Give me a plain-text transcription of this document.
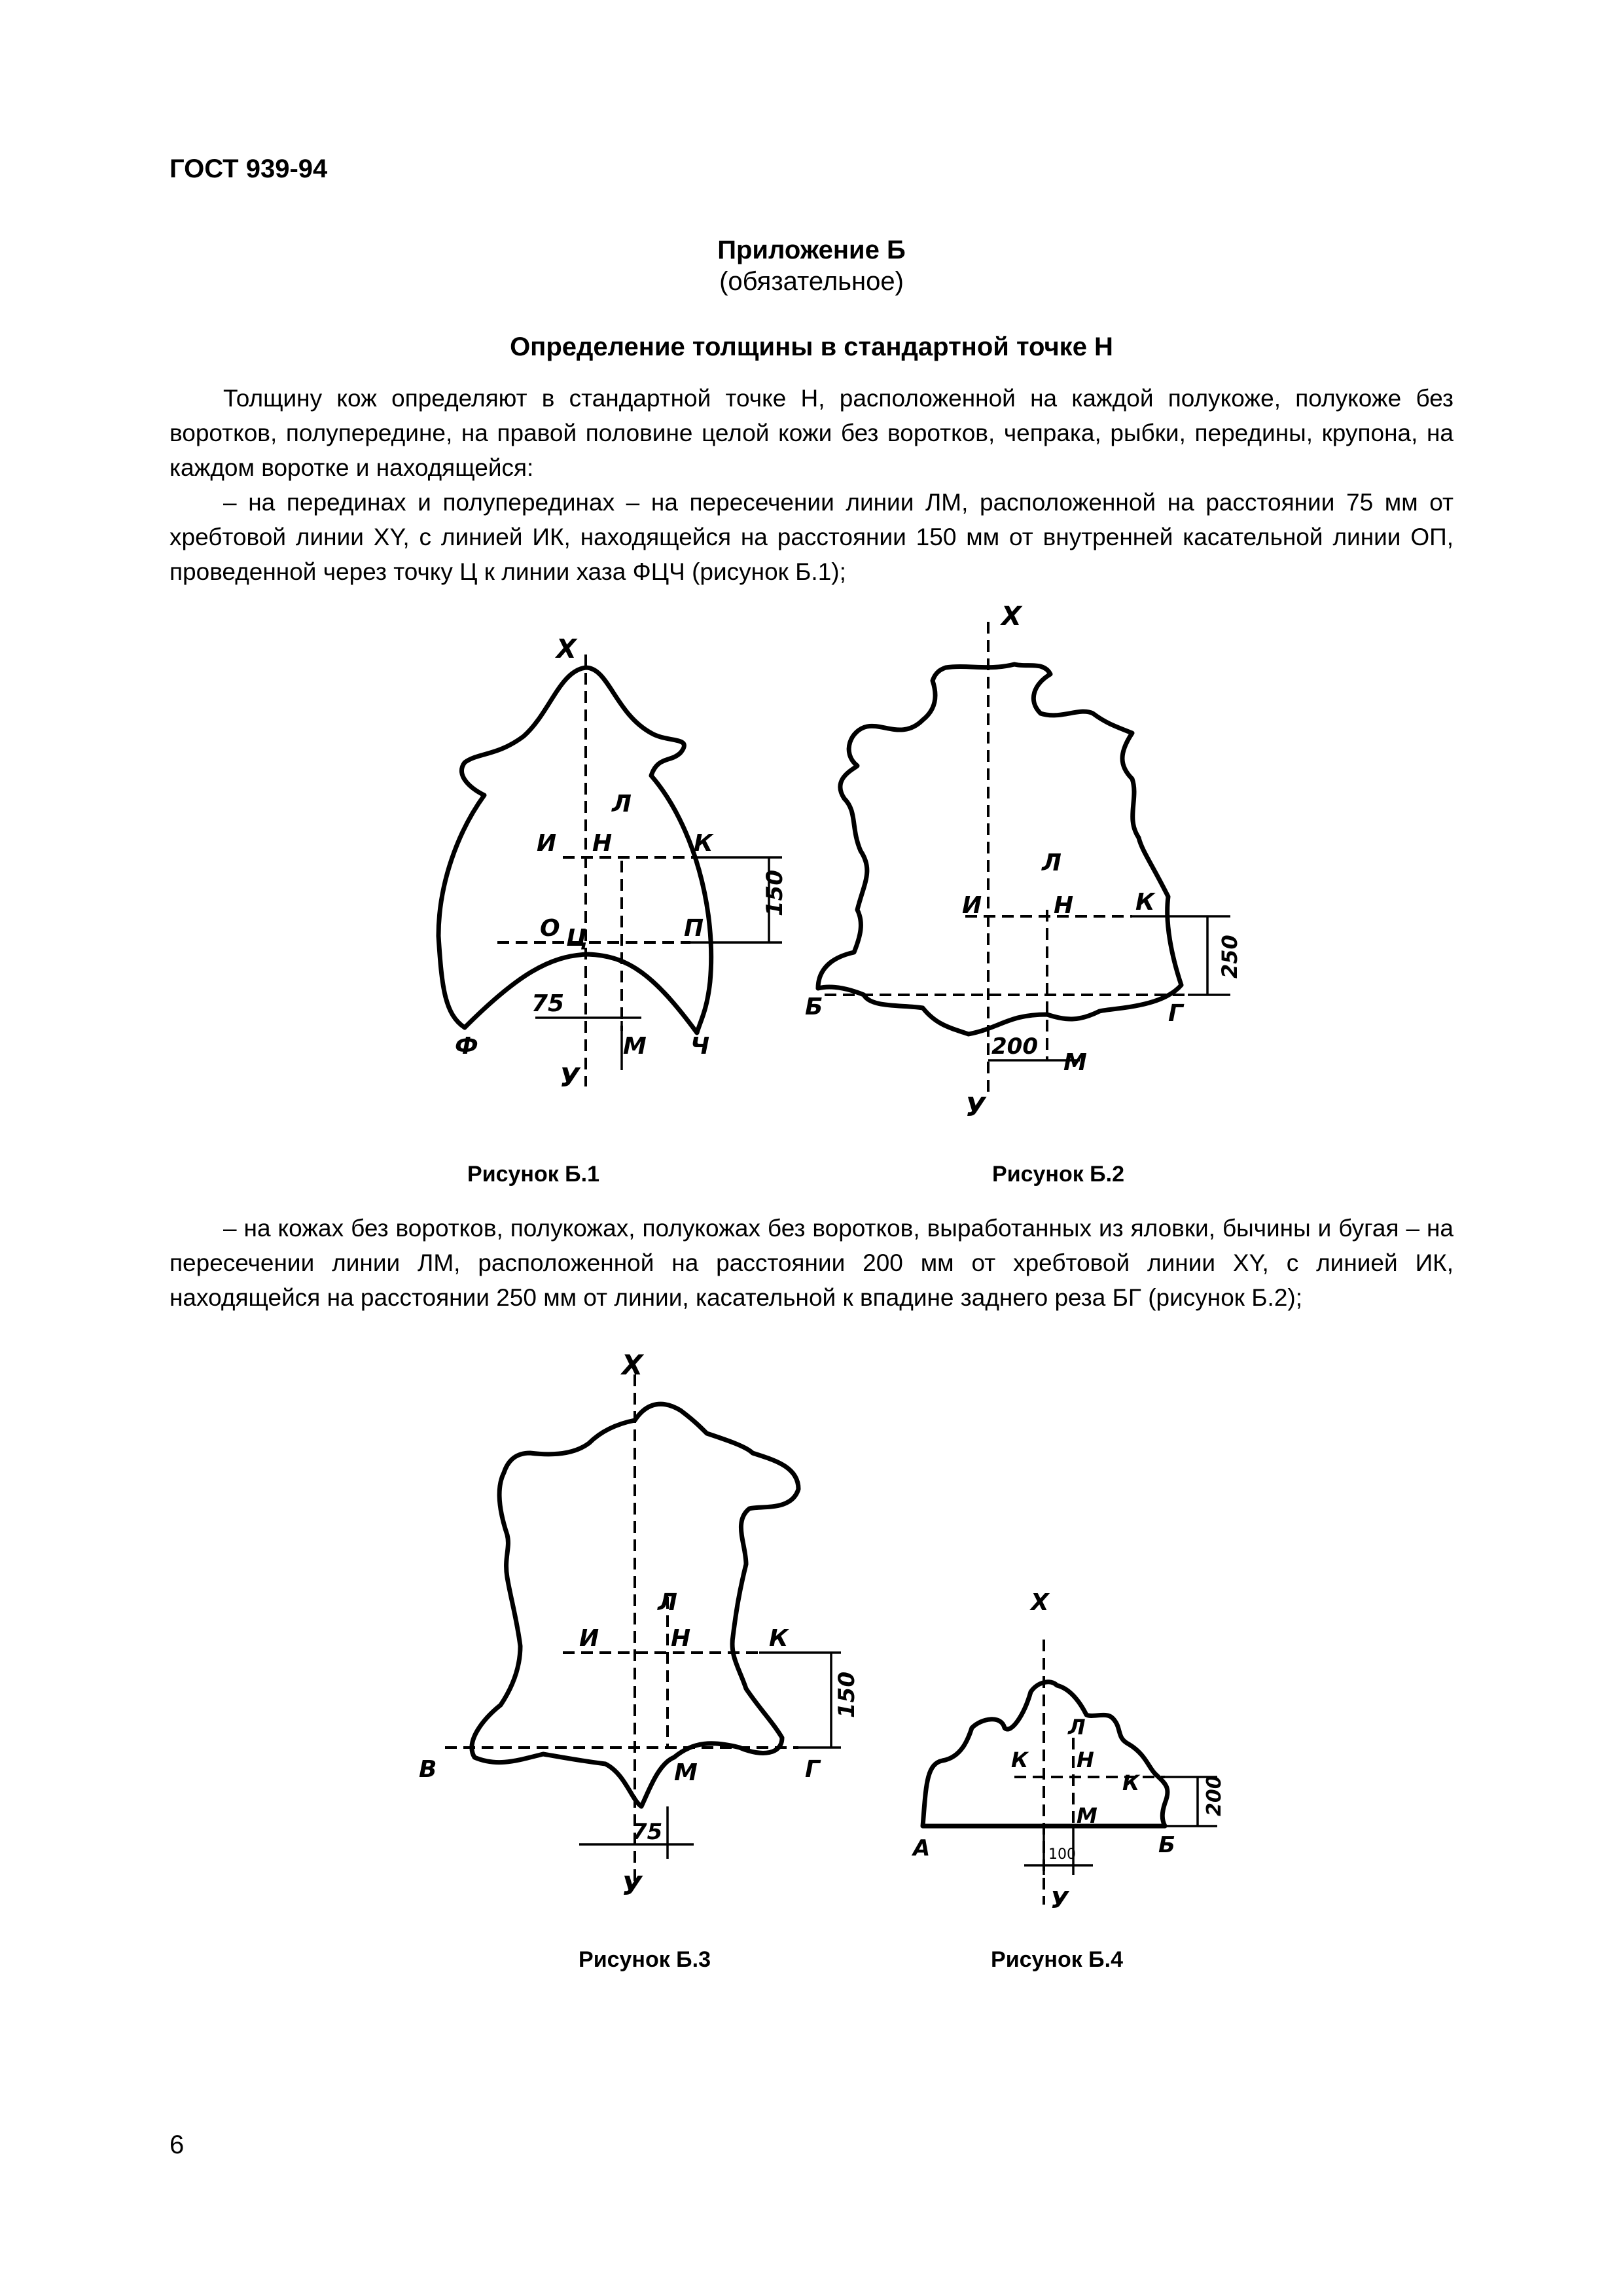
ГОСТ 939-94
Приложение Б
(обязательное)
Определение толщины в стандартной точке Н

Толщину кож определяют в стандартной точке Н, расположенной на каждой полукоже, полукоже без воротков, полупередине, на правой половине целой кожи без воротков, чепрака, рыбки, передины, крупона, на каждом воротке и находящейся:

– на перединах и полуперединах – на пересечении линии ЛМ, расположенной на расстоянии 75 мм от хребтовой линии XY, с линией ИК, находящейся на расстоянии 150 мм от внутренней касательной линии ОП, проведенной через точку Ц к линии хаза ФЦЧ (рисунок Б.1);

Х
Л
И Н	К
150
О Ц	П
75
Ф	М Ч
У
Рисунок Б.1
Х
Л
И	Н	К
250
Б	Г
200
М
У
Рисунок Б.2

– на кожах без воротков, полукожах, полукожах без воротков, выработанных из яловки, бычины и бугая – на пересечении линии ЛМ, расположенной на расстоянии 200 мм от хребтовой линии XY, с линией ИК, находящейся на расстоянии 250 мм от линии, касательной к впадине заднего реза БГ (рисунок Б.2);

Х
Л
И	Н	К
150
В	Г
М
75
У
Рисунок Б.3
Х
Л
К Н
К	200
М
А	Б
100
У
Рисунок Б.4
6
